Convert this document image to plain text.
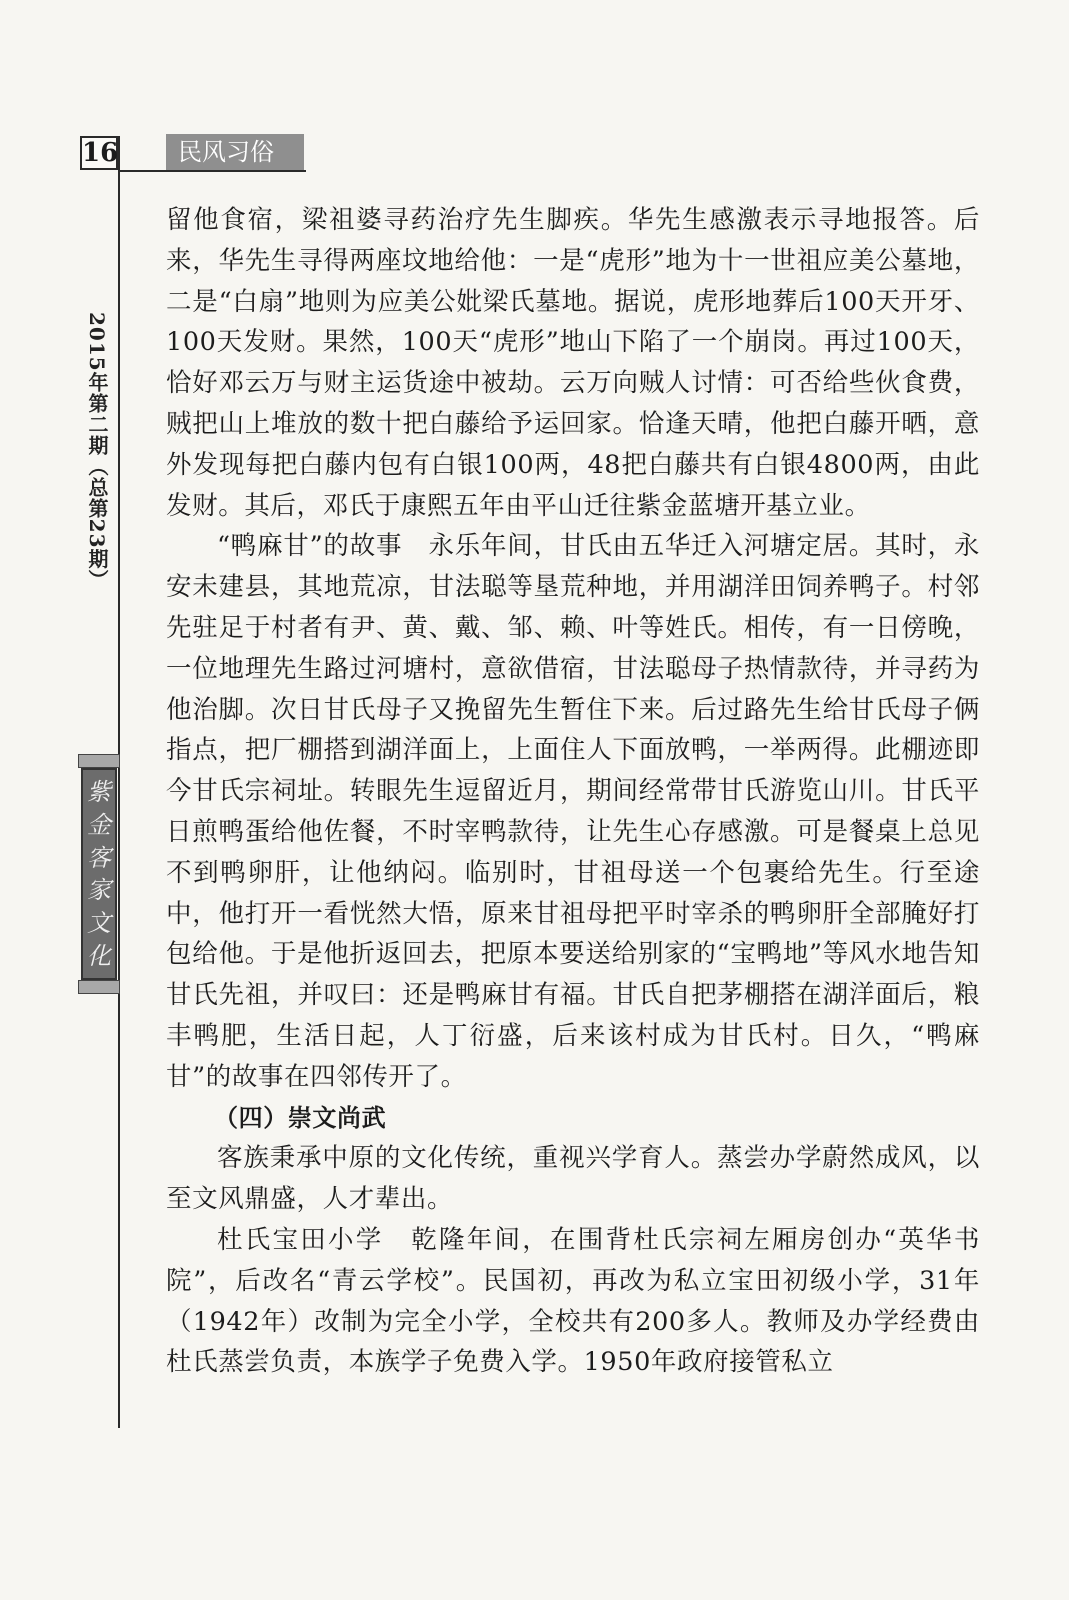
16	民风习俗
2015年第二期（总第23期）
紫
金
客
家
文
化

留他食宿，梁祖婆寻药治疗先生脚疾。华先生感激表示寻地报答。后来，华先生寻得两座坟地给他：一是“虎形”地为十一世祖应美公墓地，二是“白扇”地则为应美公妣梁氏墓地。据说，虎形地葬后100天开牙、100天发财。果然，100天“虎形”地山下陷了一个崩岗。再过100天，恰好邓云万与财主运货途中被劫。云万向贼人讨情：可否给些伙食费，贼把山上堆放的数十把白藤给予运回家。恰逢天晴，他把白藤开晒，意外发现每把白藤内包有白银100两，48把白藤共有白银4800两，由此发财。其后，邓氏于康熙五年由平山迁往紫金蓝塘开基立业。

“鸭麻甘”的故事　永乐年间，甘氏由五华迁入河塘定居。其时，永安未建县，其地荒凉，甘法聪等垦荒种地，并用湖洋田饲养鸭子。村邻先驻足于村者有尹、黄、戴、邹、赖、叶等姓氏。相传，有一日傍晚，一位地理先生路过河塘村，意欲借宿，甘法聪母子热情款待，并寻药为他治脚。次日甘氏母子又挽留先生暂住下来。后过路先生给甘氏母子俩指点，把厂棚搭到湖洋面上，上面住人下面放鸭，一举两得。此棚迹即今甘氏宗祠址。转眼先生逗留近月，期间经常带甘氏游览山川。甘氏平日煎鸭蛋给他佐餐，不时宰鸭款待，让先生心存感激。可是餐桌上总见不到鸭卵肝，让他纳闷。临别时，甘祖母送一个包裹给先生。行至途中，他打开一看恍然大悟，原来甘祖母把平时宰杀的鸭卵肝全部腌好打包给他。于是他折返回去，把原本要送给别家的“宝鸭地”等风水地告知甘氏先祖，并叹曰：还是鸭麻甘有福。甘氏自把茅棚搭在湖洋面后，粮丰鸭肥，生活日起，人丁衍盛，后来该村成为甘氏村。日久，“鸭麻甘”的故事在四邻传开了。

（四）崇文尚武

客族秉承中原的文化传统，重视兴学育人。蒸尝办学蔚然成风，以至文风鼎盛，人才辈出。

杜氏宝田小学　乾隆年间，在围背杜氏宗祠左厢房创办“英华书院”，后改名“青云学校”。民国初，再改为私立宝田初级小学，31年（1942年）改制为完全小学，全校共有200多人。教师及办学经费由杜氏蒸尝负责，本族学子免费入学。1950年政府接管私立
